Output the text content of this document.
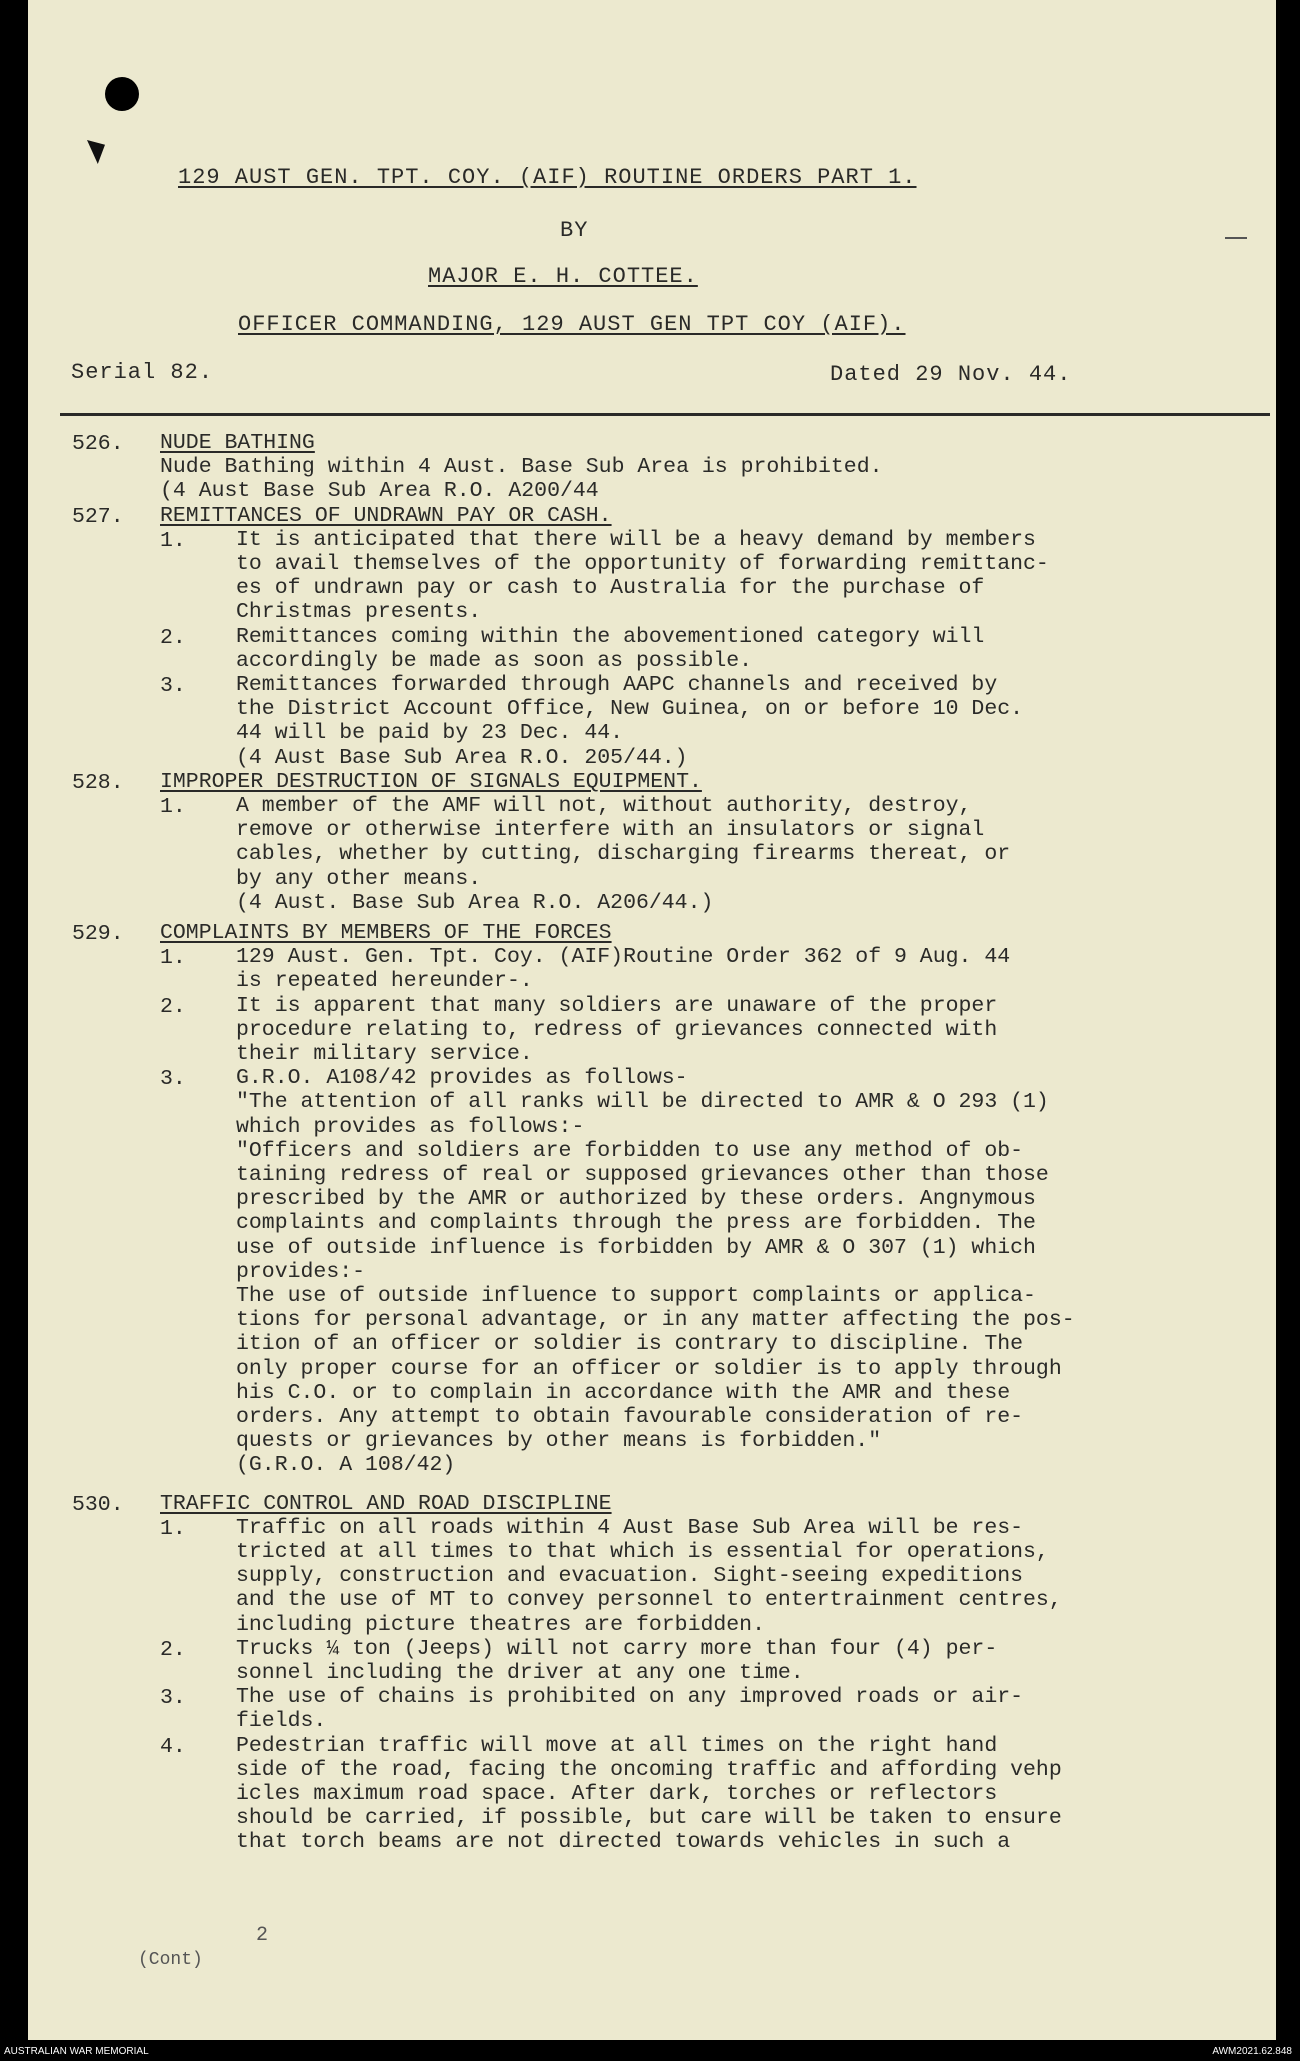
129 AUST GEN. TPT. COY. (AIF) ROUTINE ORDERS PART 1.
BY
MAJOR E. H. COTTEE.
OFFICER COMMANDING, 129 AUST GEN TPT COY (AIF).
Serial 82.	Dated 29 Nov. 44.
526. NUDE BATHING
Nude Bathing within 4 Aust. Base Sub Area is prohibited.
(4 Aust Base Sub Area R.O. A200/44
527. REMITTANCES OF UNDRAWN PAY OR CASH.
1. It is anticipated that there will be a heavy demand by members
to avail themselves of the opportunity of forwarding remittanc-
es of undrawn pay or cash to Australia for the purchase of
Christmas presents.
2. Remittances coming within the abovementioned category will
accordingly be made as soon as possible.
3. Remittances forwarded through AAPC channels and received by
the District Account Office, New Guinea, on or before 10 Dec.
44 will be paid by 23 Dec. 44.
(4 Aust Base Sub Area R.O. 205/44.)
528. IMPROPER DESTRUCTION OF SIGNALS EQUIPMENT.
1. A member of the AMF will not, without authority, destroy,
remove or otherwise interfere with an insulators or signal
cables, whether by cutting, discharging firearms thereat, or
by any other means.
(4 Aust. Base Sub Area R.O. A206/44.)
529. COMPLAINTS BY MEMBERS OF THE FORCES
1. 129 Aust. Gen. Tpt. Coy. (AIF)Routine Order 362 of 9 Aug. 44
is repeated hereunder-.
2. It is apparent that many soldiers are unaware of the proper
procedure relating to, redress of grievances connected with
their military service.
3. G.R.O. A108/42 provides as follows-
"The attention of all ranks will be directed to AMR & O 293 (1)
which provides as follows:-
"Officers and soldiers are forbidden to use any method of ob-
taining redress of real or supposed grievances other than those
prescribed by the AMR or authorized by these orders. Angnymous
complaints and complaints through the press are forbidden. The
use of outside influence is forbidden by AMR & O 307 (1) which
provides:-
The use of outside influence to support complaints or applica-
tions for personal advantage, or in any matter affecting the pos-
ition of an officer or soldier is contrary to discipline. The
only proper course for an officer or soldier is to apply through
his C.O. or to complain in accordance with the AMR and these
orders. Any attempt to obtain favourable consideration of re-
quests or grievances by other means is forbidden."
(G.R.O. A 108/42)
530. TRAFFIC CONTROL AND ROAD DISCIPLINE
1. Traffic on all roads within 4 Aust Base Sub Area will be res-
tricted at all times to that which is essential for operations,
supply, construction and evacuation. Sight-seeing expeditions
and the use of MT to convey personnel to entertrainment centres,
including picture theatres are forbidden.
2. Trucks ¼ ton (Jeeps) will not carry more than four (4) per-
sonnel including the driver at any one time.
3. The use of chains is prohibited on any improved roads or air-
fields.
4. Pedestrian traffic will move at all times on the right hand
side of the road, facing the oncoming traffic and affording vehp
icles maximum road space. After dark, torches or reflectors
should be carried, if possible, but care will be taken to ensure
that torch beams are not directed towards vehicles in such a
2
(Cont)
AUSTRALIAN WAR MEMORIAL	AWM2021.62.848
